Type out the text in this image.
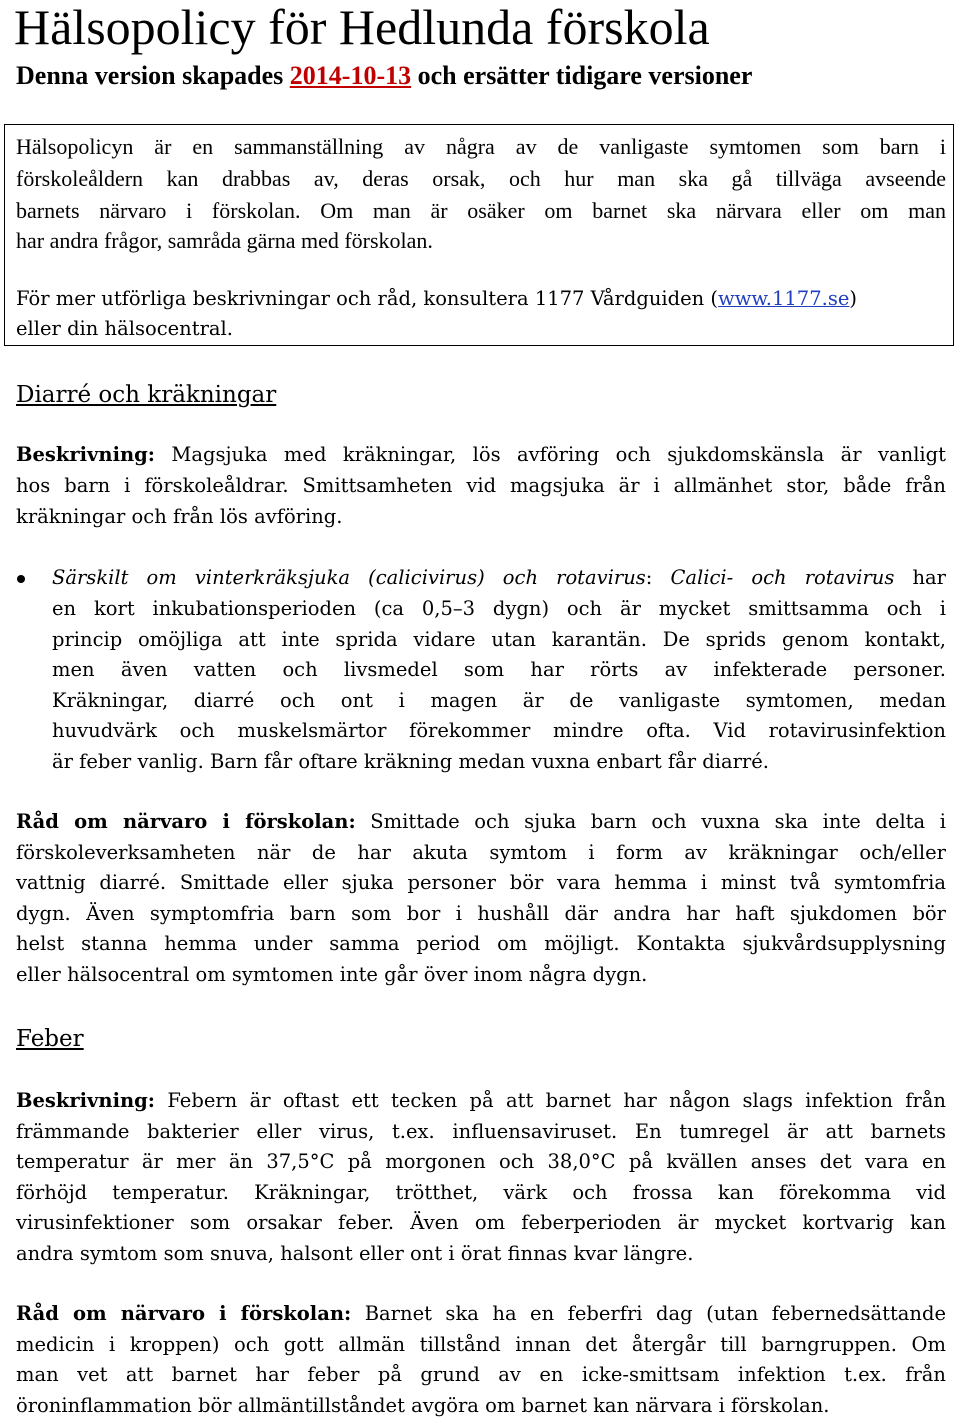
Hälsopolicy för Hedlunda förskola
Denna version skapades 2014-10-13 och ersätter tidigare versioner
Hälsopolicyn är en sammanställning av några av de vanligaste symtomen som barn i
förskoleåldern kan drabbas av, deras orsak, och hur man ska gå tillväga avseende
barnets närvaro i förskolan. Om man är osäker om barnet ska närvara eller om man
har andra frågor, samråda gärna med förskolan.
För mer utförliga beskrivningar och råd, konsultera 1177 Vårdguiden (www.1177.se)
eller din hälsocentral.
Diarré och kräkningar
Beskrivning: Magsjuka med kräkningar, lös avföring och sjukdomskänsla är vanligt
hos barn i förskoleåldrar. Smittsamheten vid magsjuka är i allmänhet stor, både från
kräkningar och från lös avföring.
Särskilt om vinterkräksjuka (calicivirus) och rotavirus: Calici- och rotavirus har
en kort inkubationsperioden (ca 0,5–3 dygn) och är mycket smittsamma och i
princip omöjliga att inte sprida vidare utan karantän. De sprids genom kontakt,
men även vatten och livsmedel som har rörts av infekterade personer.
Kräkningar, diarré och ont i magen är de vanligaste symtomen, medan
huvudvärk och muskelsmärtor förekommer mindre ofta. Vid rotavirusinfektion
är feber vanlig. Barn får oftare kräkning medan vuxna enbart får diarré.
Råd om närvaro i förskolan: Smittade och sjuka barn och vuxna ska inte delta i
förskoleverksamheten när de har akuta symtom i form av kräkningar och/eller
vattnig diarré. Smittade eller sjuka personer bör vara hemma i minst två symtomfria
dygn. Även symptomfria barn som bor i hushåll där andra har haft sjukdomen bör
helst stanna hemma under samma period om möjligt. Kontakta sjukvårdsupplysning
eller hälsocentral om symtomen inte går över inom några dygn.
Feber
Beskrivning: Febern är oftast ett tecken på att barnet har någon slags infektion från
främmande bakterier eller virus, t.ex. influensaviruset. En tumregel är att barnets
temperatur är mer än 37,5°C på morgonen och 38,0°C på kvällen anses det vara en
förhöjd temperatur. Kräkningar, trötthet, värk och frossa kan förekomma vid
virusinfektioner som orsakar feber. Även om feberperioden är mycket kortvarig kan
andra symtom som snuva, halsont eller ont i örat finnas kvar längre.
Råd om närvaro i förskolan: Barnet ska ha en feberfri dag (utan febernedsättande
medicin i kroppen) och gott allmän tillstånd innan det återgår till barngruppen. Om
man vet att barnet har feber på grund av en icke-smittsam infektion t.ex. från
öroninflammation bör allmäntillståndet avgöra om barnet kan närvara i förskolan.
